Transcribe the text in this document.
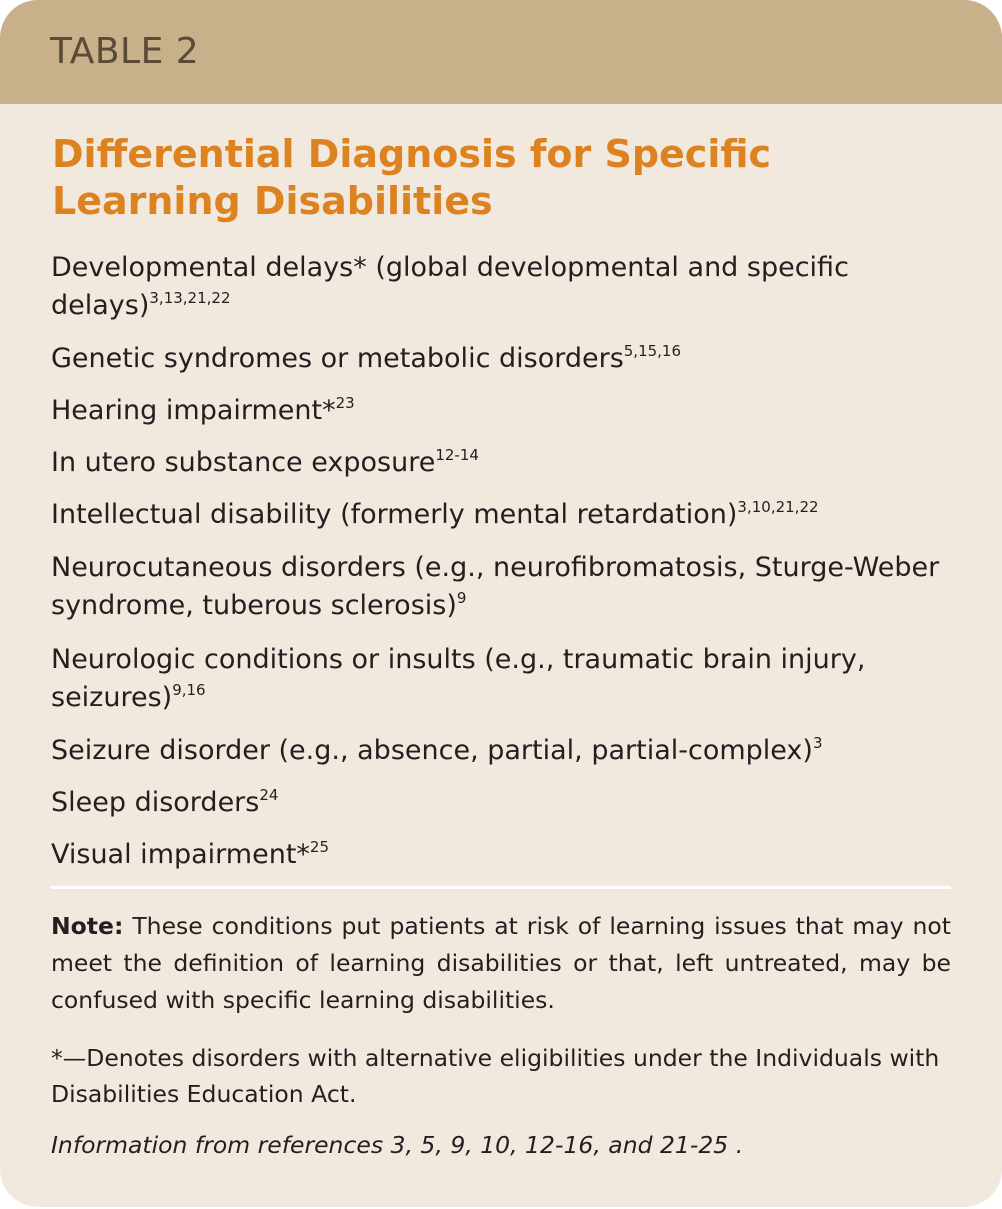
TABLE 2
Differential Diagnosis for Specific Learning Disabilities
Developmental delays* (global developmental and specific delays)$^{3,13,21,22}$
Genetic syndromes or metabolic disorders$^{5,15,16}$
Hearing impairment*$^{23}$
In utero substance exposure$^{12-14}$
Intellectual disability (formerly mental retardation)$^{3,10,21,22}$
Neurocutaneous disorders (e.g., neurofibromatosis, Sturge-Weber syndrome, tuberous sclerosis)$^9$
Neurologic conditions or insults (e.g., traumatic brain injury, seizures)$^{9,16}$
Seizure disorder (e.g., absence, partial, partial-complex)$^3$
Sleep disorders$^{24}$
Visual impairment*$^{25}$
Note: These conditions put patients at risk of learning issues that may not meet the definition of learning disabilities or that, left untreated, may be confused with specific learning disabilities.
*—Denotes disorders with alternative eligibilities under the Individuals with Disabilities Education Act.
Information from references 3, 5, 9, 10, 12-16, and 21-25 .
